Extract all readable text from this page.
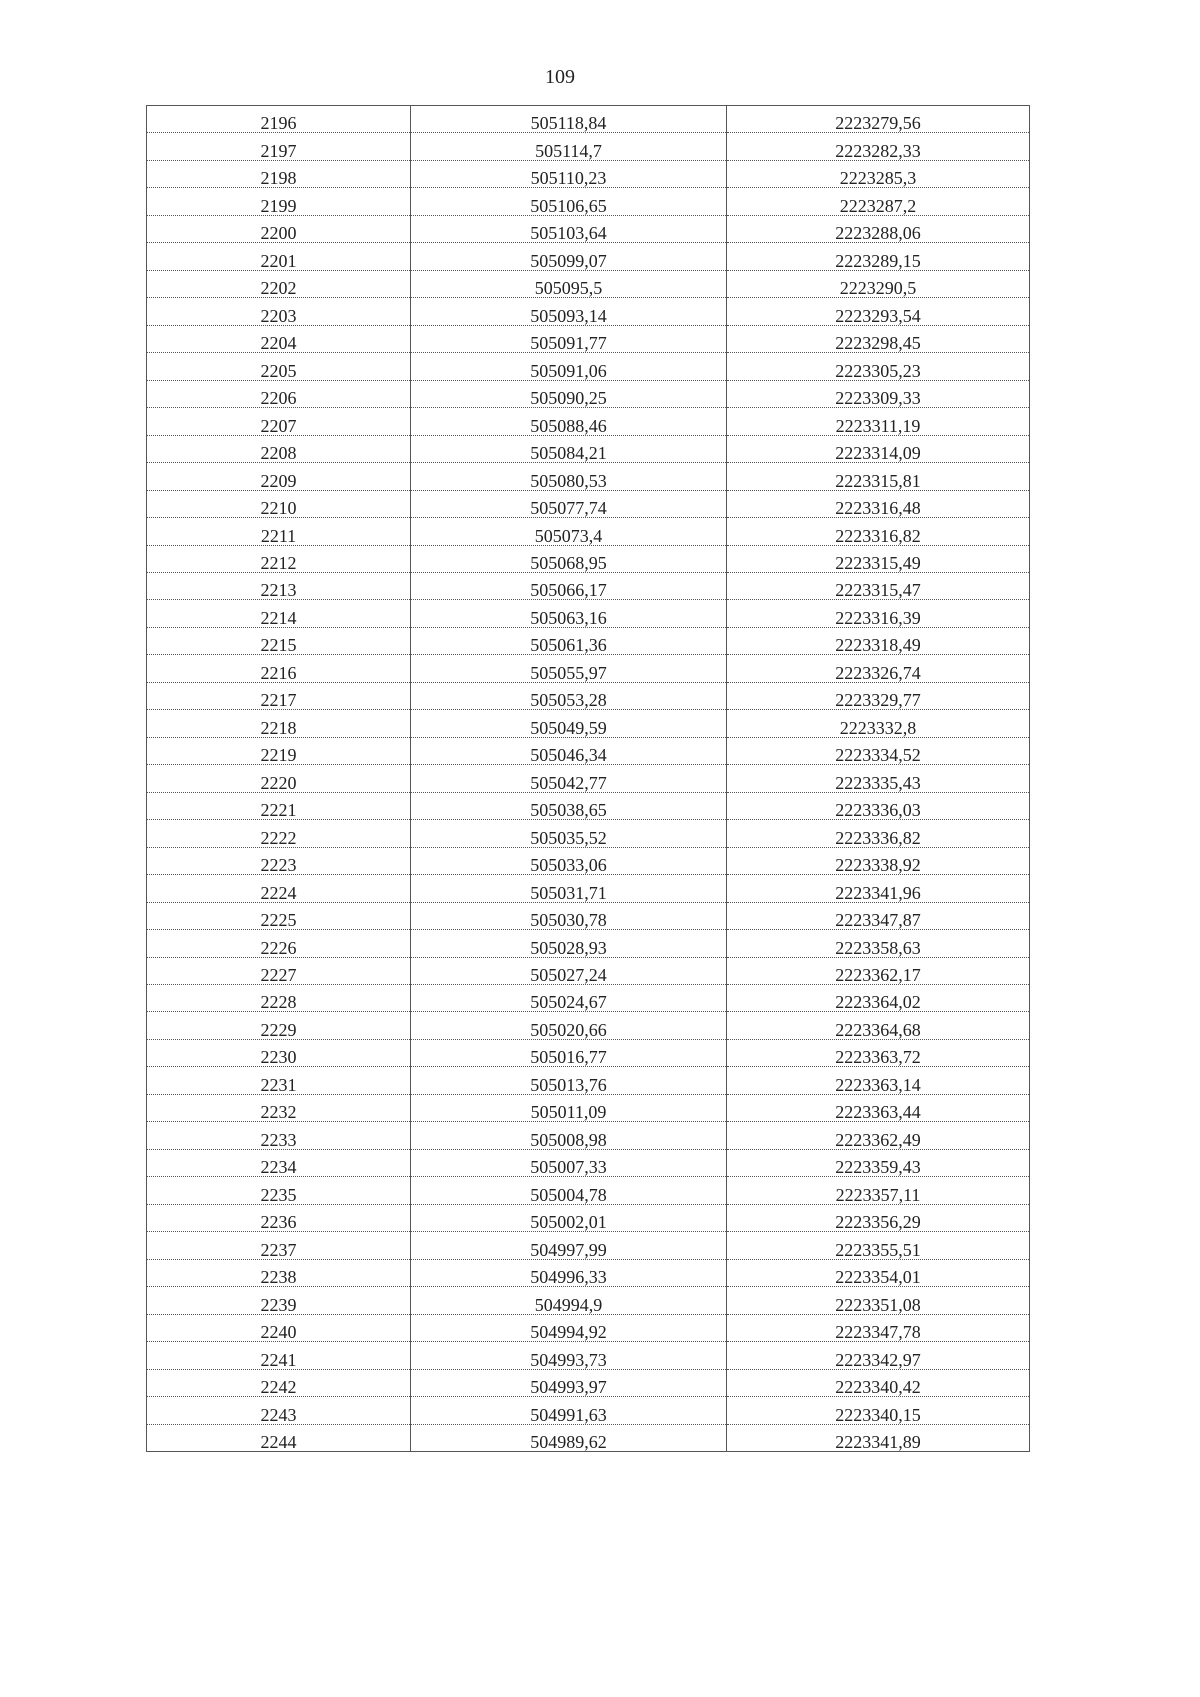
109
2196	505118,84	2223279,56
2197	505114,7	2223282,33
2198	505110,23	2223285,3
2199	505106,65	2223287,2
2200	505103,64	2223288,06
2201	505099,07	2223289,15
2202	505095,5	2223290,5
2203	505093,14	2223293,54
2204	505091,77	2223298,45
2205	505091,06	2223305,23
2206	505090,25	2223309,33
2207	505088,46	2223311,19
2208	505084,21	2223314,09
2209	505080,53	2223315,81
2210	505077,74	2223316,48
2211	505073,4	2223316,82
2212	505068,95	2223315,49
2213	505066,17	2223315,47
2214	505063,16	2223316,39
2215	505061,36	2223318,49
2216	505055,97	2223326,74
2217	505053,28	2223329,77
2218	505049,59	2223332,8
2219	505046,34	2223334,52
2220	505042,77	2223335,43
2221	505038,65	2223336,03
2222	505035,52	2223336,82
2223	505033,06	2223338,92
2224	505031,71	2223341,96
2225	505030,78	2223347,87
2226	505028,93	2223358,63
2227	505027,24	2223362,17
2228	505024,67	2223364,02
2229	505020,66	2223364,68
2230	505016,77	2223363,72
2231	505013,76	2223363,14
2232	505011,09	2223363,44
2233	505008,98	2223362,49
2234	505007,33	2223359,43
2235	505004,78	2223357,11
2236	505002,01	2223356,29
2237	504997,99	2223355,51
2238	504996,33	2223354,01
2239	504994,9	2223351,08
2240	504994,92	2223347,78
2241	504993,73	2223342,97
2242	504993,97	2223340,42
2243	504991,63	2223340,15
2244	504989,62	2223341,89
